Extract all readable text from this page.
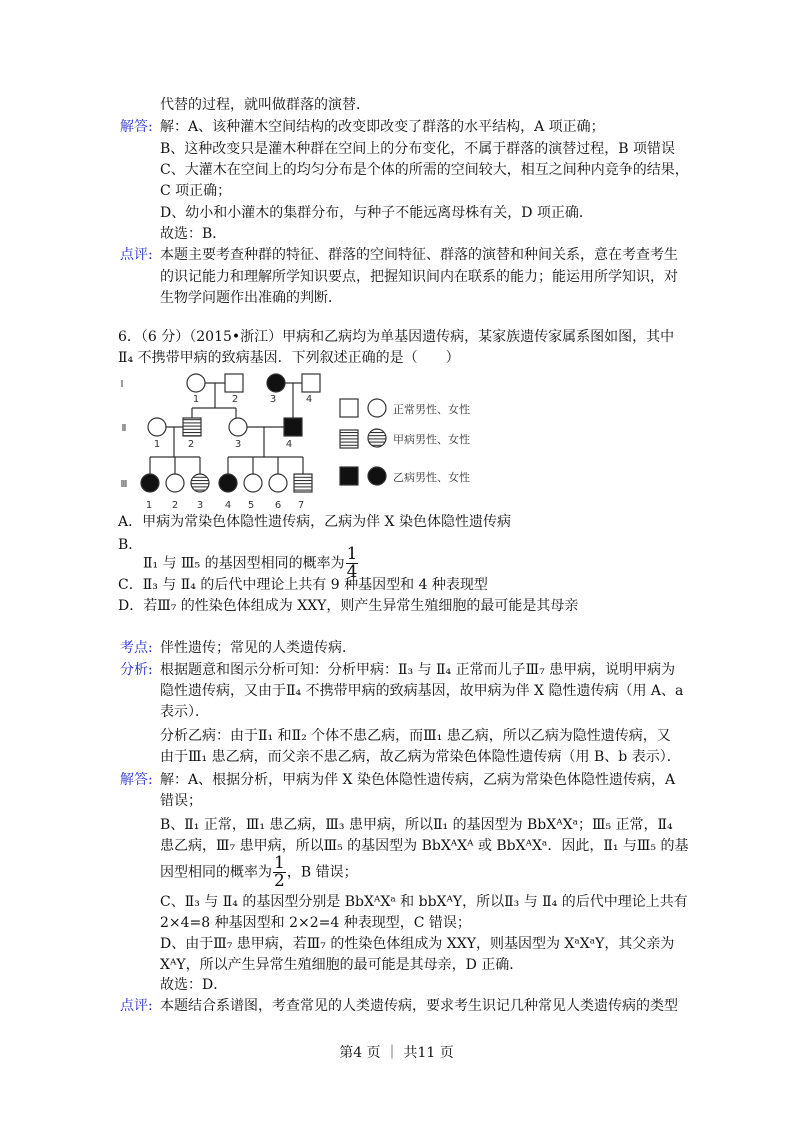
代替的过程，就叫做群落的演替．
解答: 解：A、该种灌木空间结构的改变即改变了群落的水平结构，A 项正确；
B、这种改变只是灌木种群在空间上的分布变化，不属于群落的演替过程，B 项错误
C、大灌木在空间上的均匀分布是个体的所需的空间较大，相互之间种内竞争的结果，
C 项正确；
D、幼小和小灌木的集群分布，与种子不能远离母株有关，D 项正确．
故选：B．
点评: 本题主要考查种群的特征、群落的空间特征、群落的演替和种间关系，意在考查考生
的识记能力和理解所学知识要点，把握知识间内在联系的能力；能运用所学知识，对
生物学问题作出准确的判断．
6．（6 分）（2015•浙江）甲病和乙病均为单基因遗传病，某家族遗传家属系图如图，其中
Ⅱ₄ 不携带甲病的致病基因．下列叙述正确的是（　　）
Ⅰ
Ⅱ
Ⅲ
1	2	3	4
1	2	3	4
1 2 3 4 5 6 7
正常男性、女性
甲病男性、女性
乙病男性、女性
A．甲病为常染色体隐性遗传病，乙病为伴 X 染色体隐性遗传病
B．
Ⅱ₁ 与 Ⅲ₅ 的基因型相同的概率为 $\frac{1}{4}$
C．Ⅱ₃ 与 Ⅱ₄ 的后代中理论上共有 9 种基因型和 4 种表现型
D．若Ⅲ₇ 的性染色体组成为 XXY，则产生异常生殖细胞的最可能是其母亲
考点: 伴性遗传；常见的人类遗传病．
分析: 根据题意和图示分析可知：分析甲病：Ⅱ₃ 与 Ⅱ₄ 正常而儿子Ⅲ₇ 患甲病，说明甲病为
隐性遗传病，又由于Ⅱ₄ 不携带甲病的致病基因，故甲病为伴 X 隐性遗传病（用 A、a
表示）．
分析乙病：由于Ⅱ₁ 和Ⅱ₂ 个体不患乙病，而Ⅲ₁ 患乙病，所以乙病为隐性遗传病，又
由于Ⅲ₁ 患乙病，而父亲不患乙病，故乙病为常染色体隐性遗传病（用 B、b 表示）．
解答: 解：A、根据分析，甲病为伴 X 染色体隐性遗传病，乙病为常染色体隐性遗传病，A
错误；
B、Ⅱ₁ 正常，Ⅲ₁ 患乙病，Ⅲ₃ 患甲病，所以Ⅱ₁ 的基因型为 BbXᴬXᵃ；Ⅲ₅ 正常，Ⅱ₄
患乙病，Ⅲ₇ 患甲病，所以Ⅲ₅ 的基因型为 BbXᴬXᴬ 或 BbXᴬXᵃ．因此，Ⅱ₁ 与Ⅲ₅ 的基
因型相同的概率为 $\frac{1}{2}$ ，B 错误；
C、Ⅱ₃ 与 Ⅱ₄ 的基因型分别是 BbXᴬXᵃ 和 bbXᴬY，所以Ⅱ₃ 与 Ⅱ₄ 的后代中理论上共有
2×4=8 种基因型和 2×2=4 种表现型，C 错误；
D、由于Ⅲ₇ 患甲病，若Ⅲ₇ 的性染色体组成为 XXY，则基因型为 XᵃXᵃY，其父亲为
XᴬY，所以产生异常生殖细胞的最可能是其母亲，D 正确．
故选：D．
点评: 本题结合系谱图，考查常见的人类遗传病，要求考生识记几种常见人类遗传病的类型
第4 页 ｜ 共11 页
